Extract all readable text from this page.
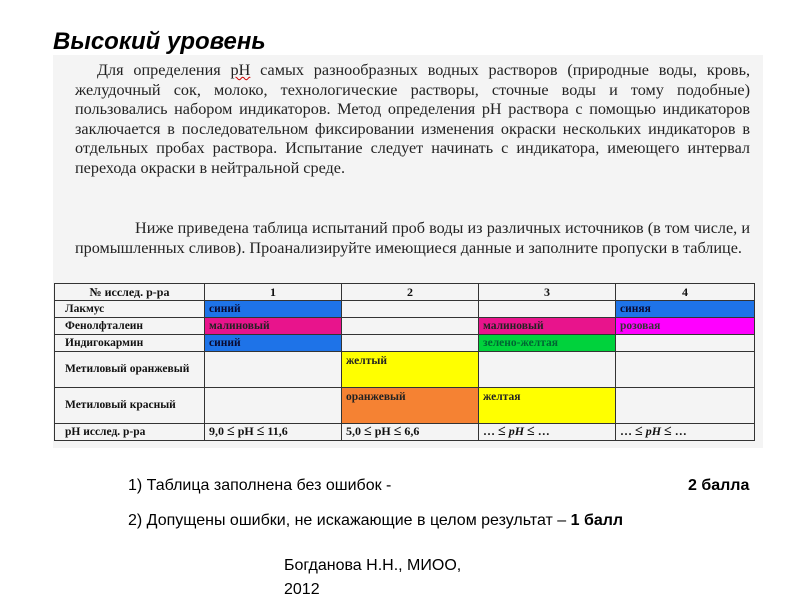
Высокий уровень
Для определения pH самых разнообразных водных растворов (природные воды, кровь, желудочный сок, молоко, технологические растворы, сточные воды и тому подобные) пользовались набором индикаторов. Метод определения pH раствора с помощью индикаторов заключается в последовательном фиксировании изменения окраски нескольких индикаторов в отдельных пробах раствора. Испытание следует начинать с индикатора, имеющего интервал перехода окраски в нейтральной среде.
Ниже приведена таблица испытаний проб воды из различных источников (в том числе, и промышленных сливов). Проанализируйте имеющиеся данные и заполните пропуски в таблице.
№ исслед. р-ра	1	2	3	4
Лакмус	синий			синяя
Фенолфталеин	малиновый		малиновый	розовая
Индигокармин	синий		зелено-желтая	
Метиловый оранжевый		желтый		
Метиловый красный		оранжевый	желтая	
pH исслед. р-ра	9,0 ≤ pH ≤ 11,6	5,0 ≤ pH ≤ 6,6	… ≤ pH ≤ …	… ≤ pH ≤ …
1) Таблица заполнена без ошибок -	2 балла
2) Допущены ошибки, не искажающие в целом результат – 1 балл
Богданова Н.Н., МИОО,
2012
